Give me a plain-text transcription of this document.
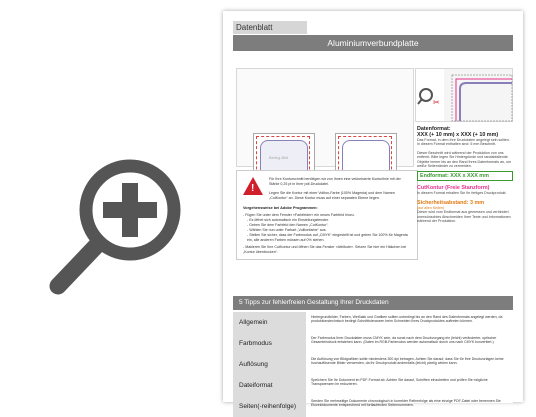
Datenblatt
Aluminiumverbundplatte
Beileg-Bild
✂
!
Für Ihre Konturschnitt benötigen wir von Ihnen eine vektorisierte Konturlinie mit der Stärke 0,25 pt in Ihrer pdf-Druckdatei.
Legen Sie die Kontur mit einer Vollton-Farbe (100% Magenta) und dem Namen „CutKontur“ an. Diese Kontur muss auf einer separaten Ebene liegen.
Vorgehensweise bei Adobe Programmen:
- Fügen Sie unter dem Fenster »Farbfelder« ein neues Farbfeld hinzu.
- Es öffnet sich automatisch ein Einstellungsfenster.
- Geben Sie dem Farbfeld den Namen „CutKontur“.
- Wählen Sie nun unter Farbart „Volltonfarbe“ aus.
- Stellen Sie sicher, dass der Farbmodus auf „CMYK“ eingestellt ist und geben Sie 100% für Magenta ein, alle anderen Farben müssen auf 0% stehen.
- Makieren Sie Ihre CutKontur und öffnen Sie das Fenster »Attribute«. Setzen Sie hier ein Häkchen bei „Kontur überdrucken“.
Datenformat:
XXX (+ 10 mm) x XXX (+ 10 mm)
Das Format, in dem Ihre Druckdaten angelegt sein sollten. In diesem Format enthalten sind: 5 mm Beschnitt.
Dieser Beschnitt wird während der Produktion von uns entfernt. Bitte legen Sie Hintergründe und randabfallende Objekte immer bis an den Rand Ihres Datenformats an, um weiße Seitenränder zu vermeiden.
Endformat: XXX x XXX mm
CutKontur (Freie Stanzform)
In diesem Format erhalten Sie Ihr fertiges Druckprodukt.
Sicherheitsabstand: 3 mm
(auf allen Seiten)
Dieser wird vom Endformat aus gemessen und verhindert unerwünschtes Abschneiden Ihrer Texte und Informationen während der Produktion.
5 Tipps zur fehlerfreien Gestaltung Ihrer Druckdaten
Allgemein
Hintergrundbilder, Farben, Weißakk und Grafiken sollten unbedingt bis an den Rand des Datenformats angelegt werden, da produktionstechnisch bedingt Schnitttoleranzen beim Schneiden Ihres Druckproduktes auftreten können.
Farbmodus
Der Farbmodus Ihrer Druckdaten muss CMYK sein, da sonst nach dem Druckvorgang ein (leicht) veränderter, optischer Gesamteindruck entstehen kann. (Daten im RGB-Farbmodus werden automatisch durch uns nach CMYK konvertiert.)
Auflösung
Die Auflösung von Bildgrafiken sollte mindestens 300 dpi betragen. Achten Sie darauf, dass Sie für Ihre Druckvorlagen keine hochauflösende Bilder verwenden, da Ihr Druckprodukt andernfalls (leicht) pixelig wirken kann.
Dateiformat
Speichern Sie Ihr Dokument im PDF-Format ab. Achten Sie darauf, Schriften einzubetten und prüfen Sie mögliche Transparenzen im reduzieren.
Seiten(-reihenfolge)
Senden Sie mehrseitige Dokumente chronologisch in korrekter Reihenfolge als eine einzige PDF-Datei oder benennen Sie Einzeldokumente entsprechend mit fortlaufenden Seitennummern.
